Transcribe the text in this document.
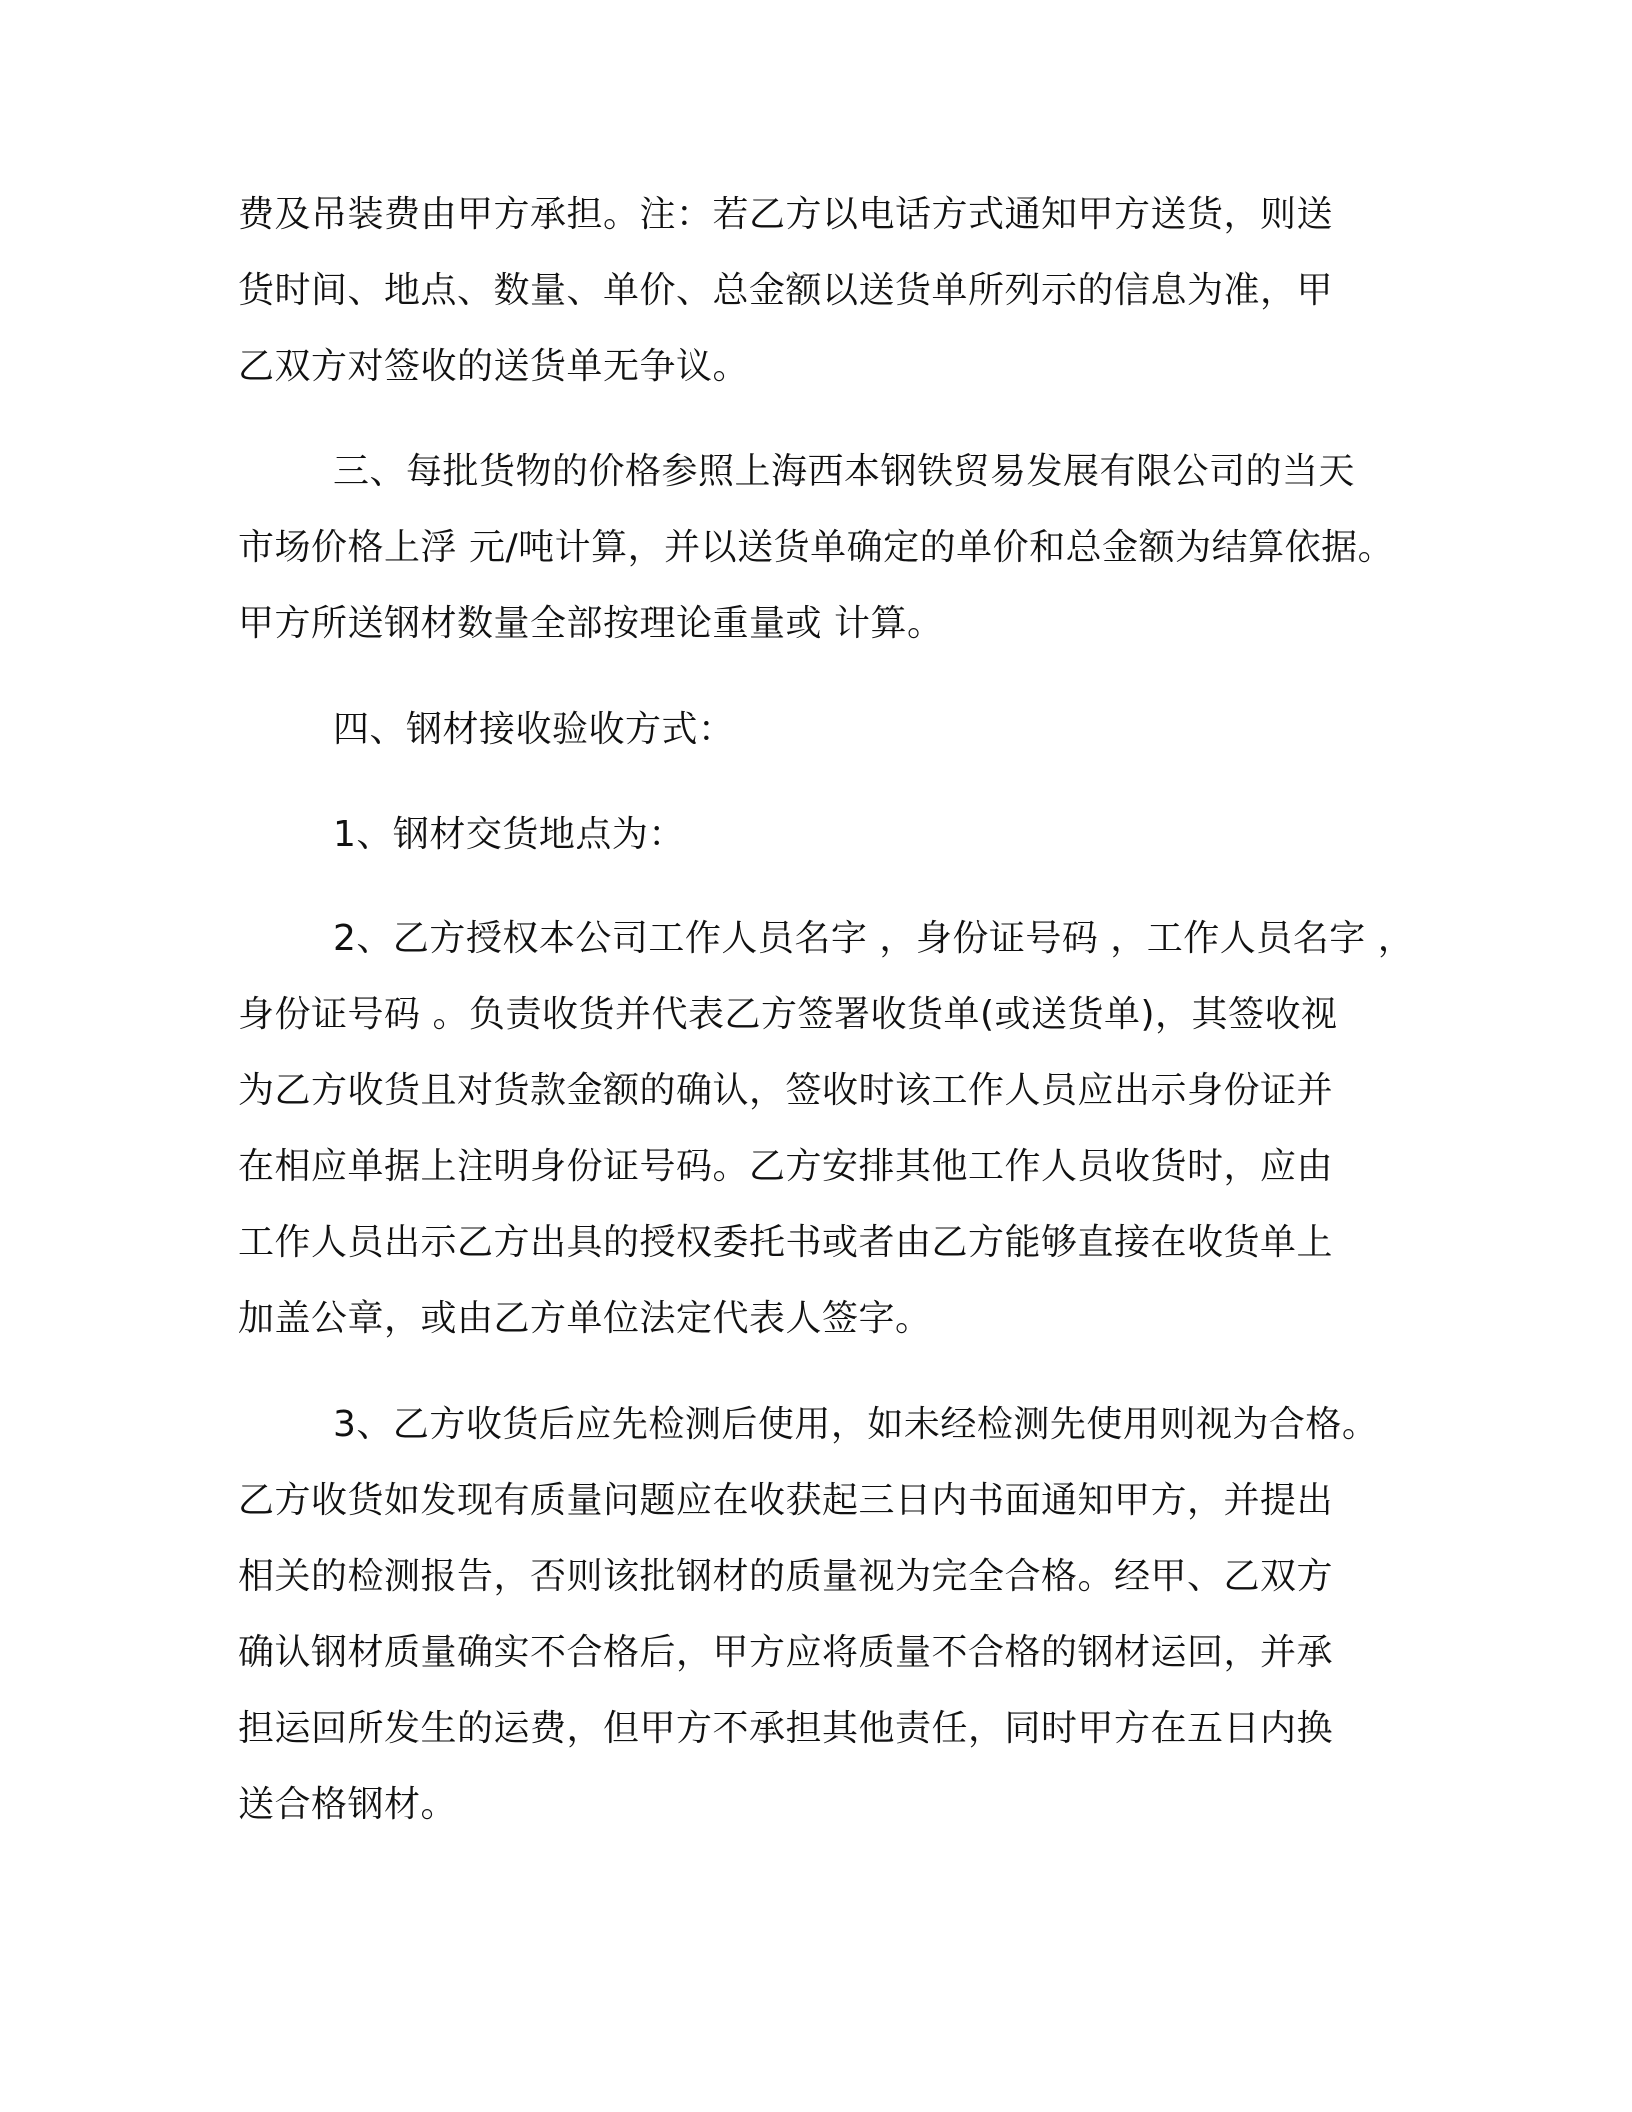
费及吊装费由甲方承担。注：若乙方以电话方式通知甲方送货，则送

货时间、地点、数量、单价、总金额以送货单所列示的信息为准，甲

乙双方对签收的送货单无争议。

三、每批货物的价格参照上海西本钢铁贸易发展有限公司的当天

市场价格上浮 元/吨计算，并以送货单确定的单价和总金额为结算依据。

甲方所送钢材数量全部按理论重量或 计算。

四、钢材接收验收方式：

1、钢材交货地点为：

2、乙方授权本公司工作人员名字 ，身份证号码 ，工作人员名字 ，

身份证号码 。负责收货并代表乙方签署收货单(或送货单)，其签收视

为乙方收货且对货款金额的确认，签收时该工作人员应出示身份证并

在相应单据上注明身份证号码。乙方安排其他工作人员收货时，应由

工作人员出示乙方出具的授权委托书或者由乙方能够直接在收货单上

加盖公章，或由乙方单位法定代表人签字。

3、乙方收货后应先检测后使用，如未经检测先使用则视为合格。

乙方收货如发现有质量问题应在收获起三日内书面通知甲方，并提出

相关的检测报告，否则该批钢材的质量视为完全合格。经甲、乙双方

确认钢材质量确实不合格后，甲方应将质量不合格的钢材运回，并承

担运回所发生的运费，但甲方不承担其他责任，同时甲方在五日内换

送合格钢材。
